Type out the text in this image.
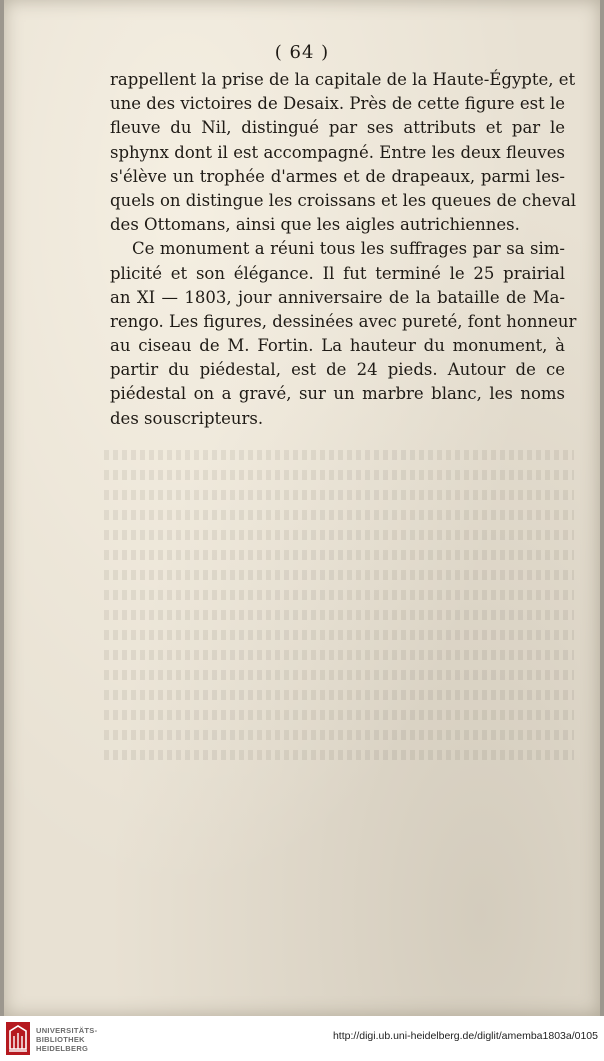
( 64 )
rappellent la prise de la capitale de la Haute-Égypte, et
une des victoires de Desaix. Près de cette figure est le
fleuve du Nil, distingué par ses attributs et par le
sphynx dont il est accompagné. Entre les deux fleuves
s'élève un trophée d'armes et de drapeaux, parmi les-
quels on distingue les croissans et les queues de cheval
des Ottomans, ainsi que les aigles autrichiennes.
Ce monument a réuni tous les suffrages par sa sim-
plicité et son élégance. Il fut terminé le 25 prairial
an XI — 1803, jour anniversaire de la bataille de Ma-
rengo. Les figures, dessinées avec pureté, font honneur
au ciseau de M. Fortin. La hauteur du monument, à
partir du piédestal, est de 24 pieds. Autour de ce
piédestal on a gravé, sur un marbre blanc, les noms
des souscripteurs.
UNIVERSITÄTS-
BIBLIOTHEK
HEIDELBERG
http://digi.ub.uni-heidelberg.de/diglit/amemba1803a/0105
